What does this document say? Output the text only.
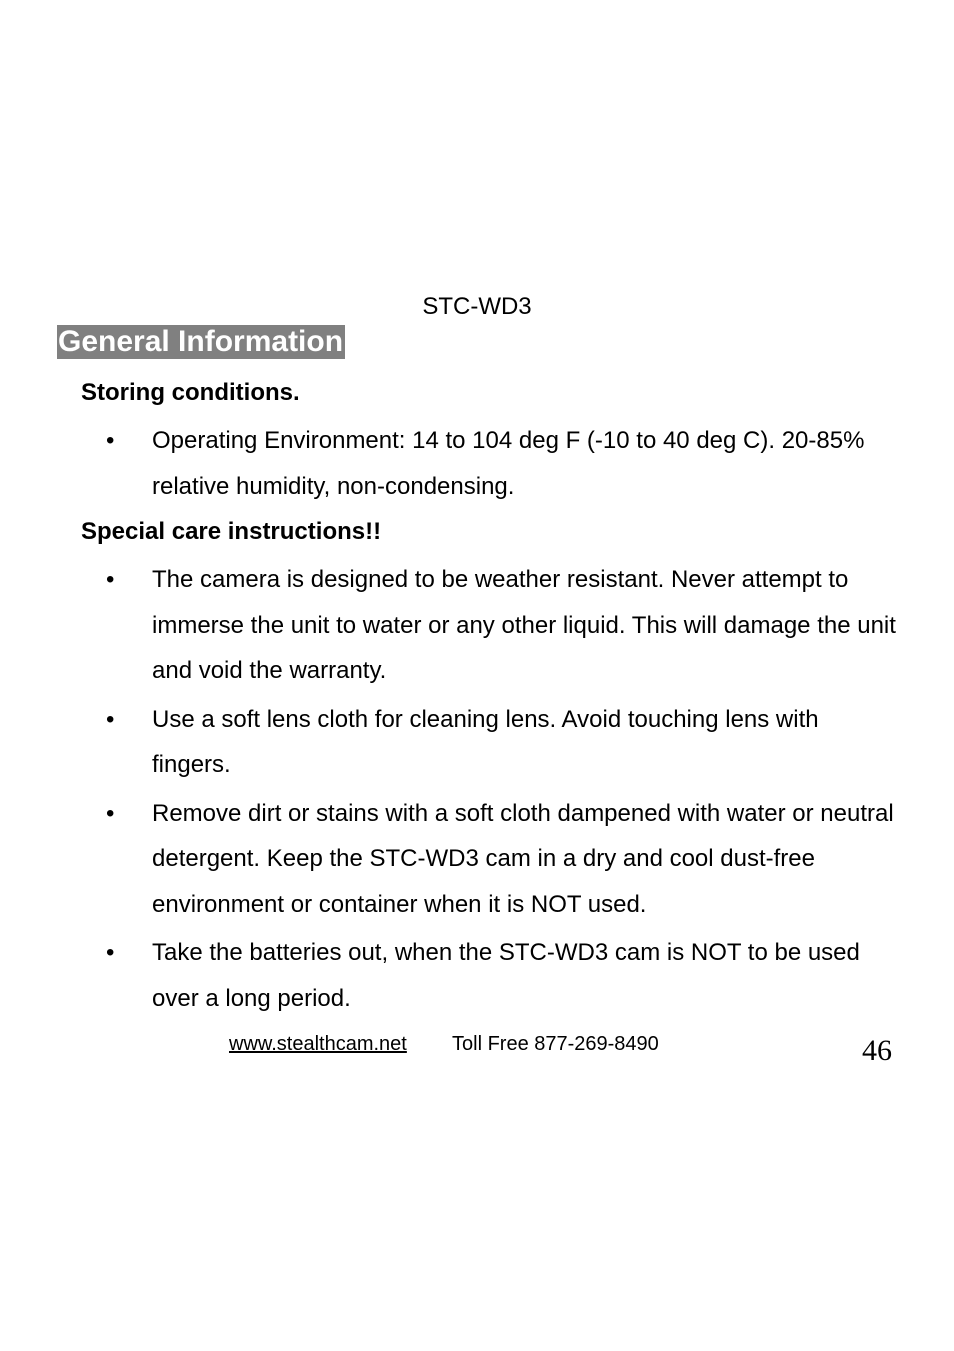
STC-WD3
General Information
Storing conditions.
• Operating Environment: 14 to 104 deg F (-10 to 40 deg C). 20-85% relative humidity, non-condensing.
Special care instructions!!
• The camera is designed to be weather resistant. Never attempt to immerse the unit to water or any other liquid. This will damage the unit and void the warranty.
• Use a soft lens cloth for cleaning lens. Avoid touching lens with fingers.
• Remove dirt or stains with a soft cloth dampened with water or neutral detergent. Keep the STC-WD3 cam in a dry and cool dust-free environment or container when it is NOT used.
• Take the batteries out, when the STC-WD3 cam is NOT to be used over a long period.
www.stealthcam.net Toll Free 877-269-8490	46
